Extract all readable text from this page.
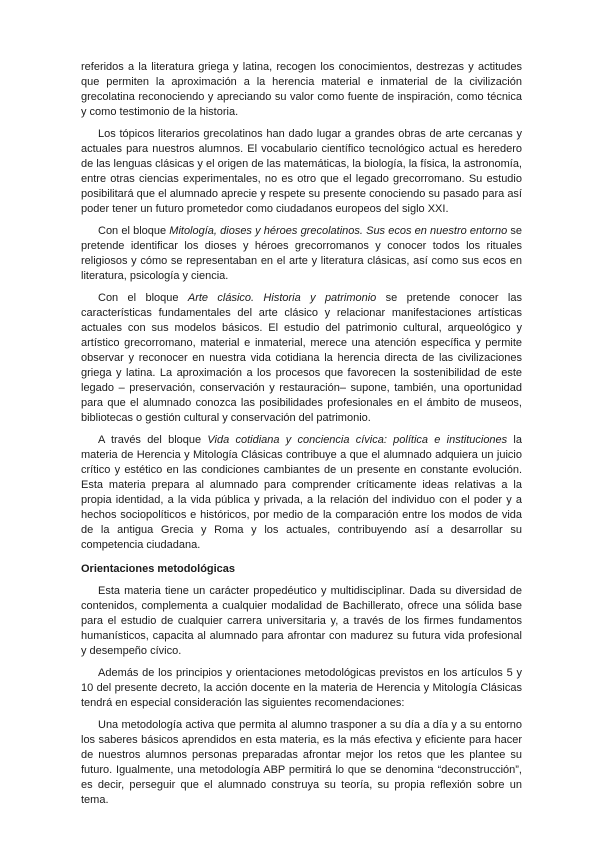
referidos a la literatura griega y latina, recogen los conocimientos, destrezas y actitudes que permiten la aproximación a la herencia material e inmaterial de la civilización grecolatina reconociendo y apreciando su valor como fuente de inspiración, como técnica y como testimonio de la historia.

Los tópicos literarios grecolatinos han dado lugar a grandes obras de arte cercanas y actuales para nuestros alumnos. El vocabulario científico tecnológico actual es heredero de las lenguas clásicas y el origen de las matemáticas, la biología, la física, la astronomía, entre otras ciencias experimentales, no es otro que el legado grecorromano. Su estudio posibilitará que el alumnado aprecie y respete su presente conociendo su pasado para así poder tener un futuro prometedor como ciudadanos europeos del siglo XXI.

Con el bloque Mitología, dioses y héroes grecolatinos. Sus ecos en nuestro entorno se pretende identificar los dioses y héroes grecorromanos y conocer todos los rituales religiosos y cómo se representaban en el arte y literatura clásicas, así como sus ecos en literatura, psicología y ciencia.

Con el bloque Arte clásico. Historia y patrimonio se pretende conocer las características fundamentales del arte clásico y relacionar manifestaciones artísticas actuales con sus modelos básicos. El estudio del patrimonio cultural, arqueológico y artístico grecorromano, material e inmaterial, merece una atención específica y permite observar y reconocer en nuestra vida cotidiana la herencia directa de las civilizaciones griega y latina. La aproximación a los procesos que favorecen la sostenibilidad de este legado – preservación, conservación y restauración– supone, también, una oportunidad para que el alumnado conozca las posibilidades profesionales en el ámbito de museos, bibliotecas o gestión cultural y conservación del patrimonio.

A través del bloque Vida cotidiana y conciencia cívica: política e instituciones la materia de Herencia y Mitología Clásicas contribuye a que el alumnado adquiera un juicio crítico y estético en las condiciones cambiantes de un presente en constante evolución. Esta materia prepara al alumnado para comprender críticamente ideas relativas a la propia identidad, a la vida pública y privada, a la relación del individuo con el poder y a hechos sociopolíticos e históricos, por medio de la comparación entre los modos de vida de la antigua Grecia y Roma y los actuales, contribuyendo así a desarrollar su competencia ciudadana.

Orientaciones metodológicas

Esta materia tiene un carácter propedéutico y multidisciplinar. Dada su diversidad de contenidos, complementa a cualquier modalidad de Bachillerato, ofrece una sólida base para el estudio de cualquier carrera universitaria y, a través de los firmes fundamentos humanísticos, capacita al alumnado para afrontar con madurez su futura vida profesional y desempeño cívico.

Además de los principios y orientaciones metodológicas previstos en los artículos 5 y 10 del presente decreto, la acción docente en la materia de Herencia y Mitología Clásicas tendrá en especial consideración las siguientes recomendaciones:

Una metodología activa que permita al alumno trasponer a su día a día y a su entorno los saberes básicos aprendidos en esta materia, es la más efectiva y eficiente para hacer de nuestros alumnos personas preparadas afrontar mejor los retos que les plantee su futuro. Igualmente, una metodología ABP permitirá lo que se denomina “deconstrucción”, es decir, perseguir que el alumnado construya su teoría, su propia reflexión sobre un tema.
